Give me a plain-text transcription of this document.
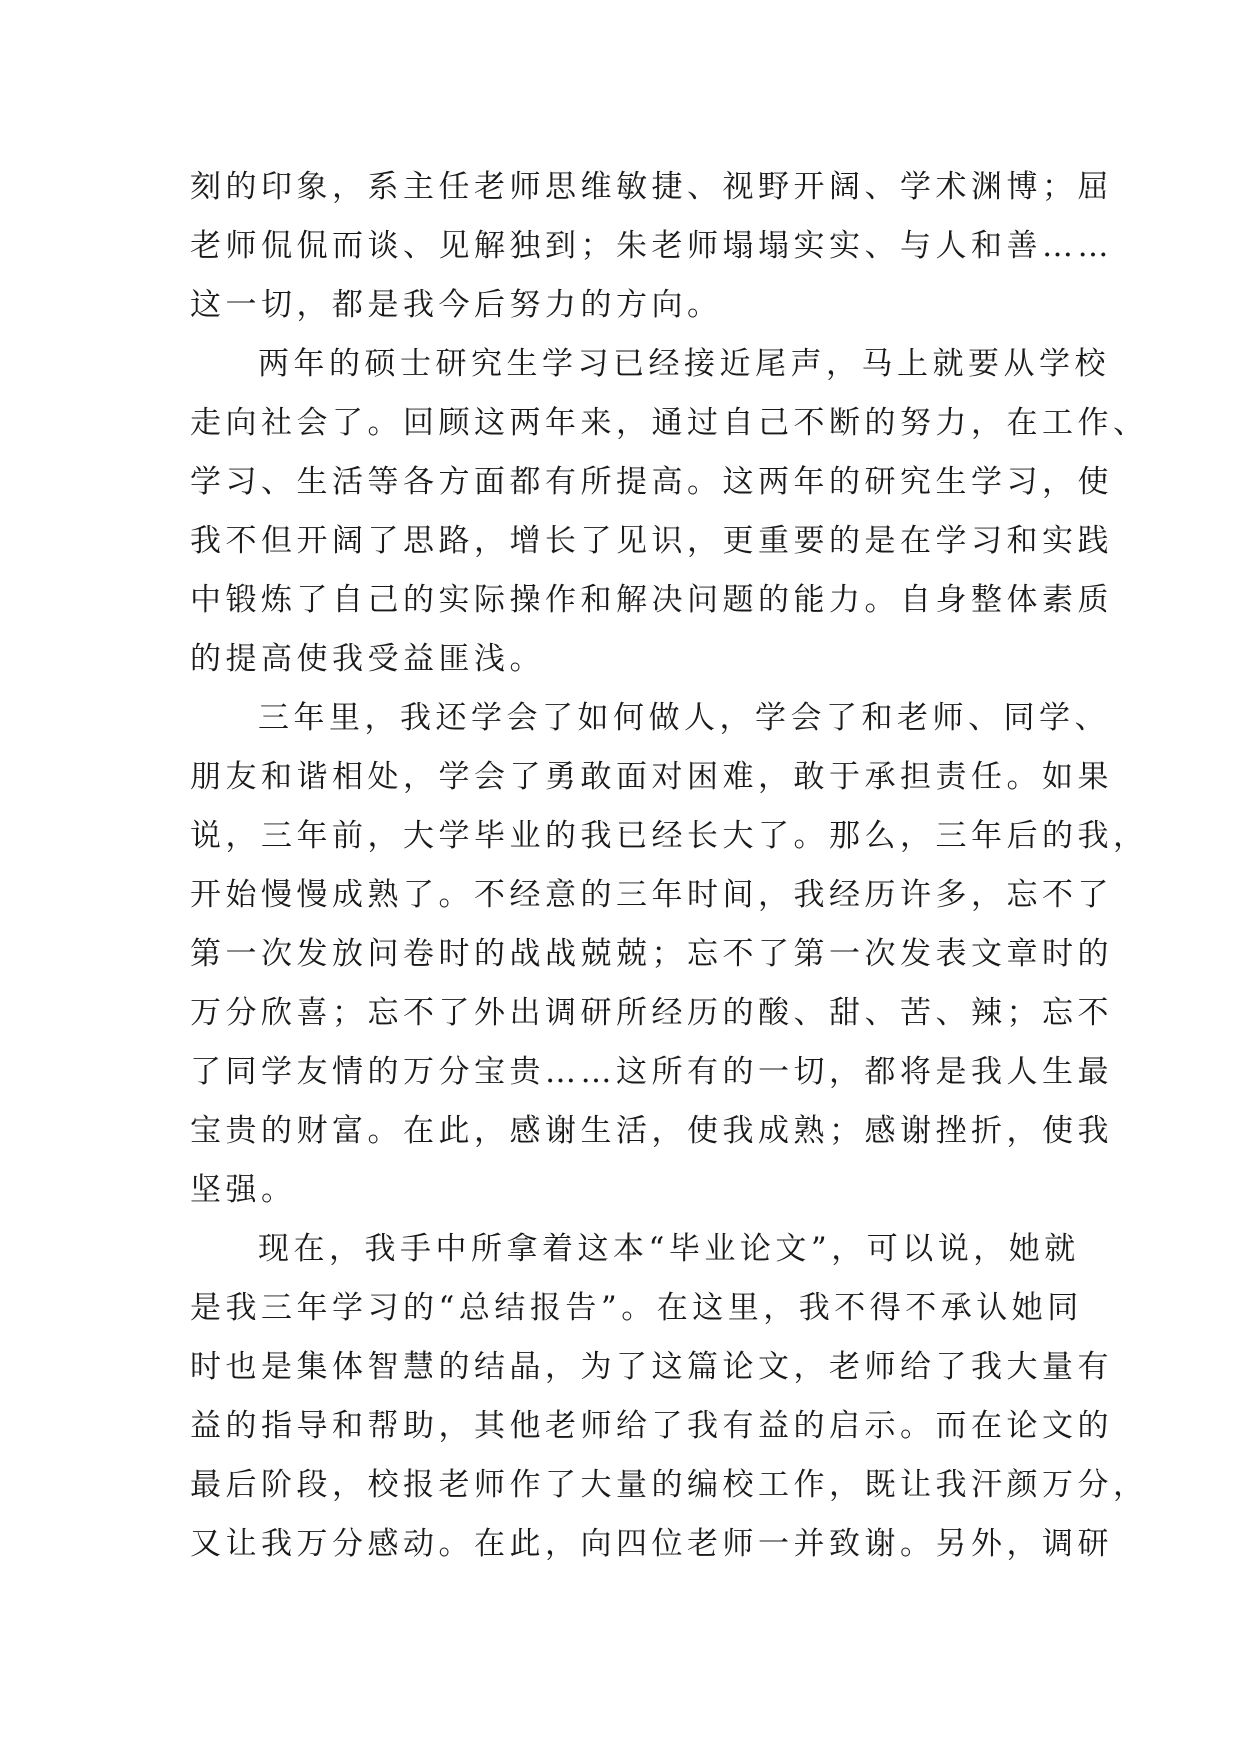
刻的印象，系主任老师思维敏捷、视野开阔、学术渊博；屈
老师侃侃而谈、见解独到；朱老师塌塌实实、与人和善……
这一切，都是我今后努力的方向。
两年的硕士研究生学习已经接近尾声，马上就要从学校
走向社会了。回顾这两年来，通过自己不断的努力，在工作、
学习、生活等各方面都有所提高。这两年的研究生学习，使
我不但开阔了思路，增长了见识，更重要的是在学习和实践
中锻炼了自己的实际操作和解决问题的能力。自身整体素质
的提高使我受益匪浅。
三年里，我还学会了如何做人，学会了和老师、同学、
朋友和谐相处，学会了勇敢面对困难，敢于承担责任。如果
说，三年前，大学毕业的我已经长大了。那么，三年后的我，
开始慢慢成熟了。不经意的三年时间，我经历许多，忘不了
第一次发放问卷时的战战兢兢；忘不了第一次发表文章时的
万分欣喜；忘不了外出调研所经历的酸、甜、苦、辣；忘不
了同学友情的万分宝贵……这所有的一切，都将是我人生最
宝贵的财富。在此，感谢生活，使我成熟；感谢挫折，使我
坚强。
现在，我手中所拿着这本“毕业论文”，可以说，她就
是我三年学习的“总结报告”。在这里，我不得不承认她同
时也是集体智慧的结晶，为了这篇论文，老师给了我大量有
益的指导和帮助，其他老师给了我有益的启示。而在论文的
最后阶段，校报老师作了大量的编校工作，既让我汗颜万分，
又让我万分感动。在此，向四位老师一并致谢。另外，调研
